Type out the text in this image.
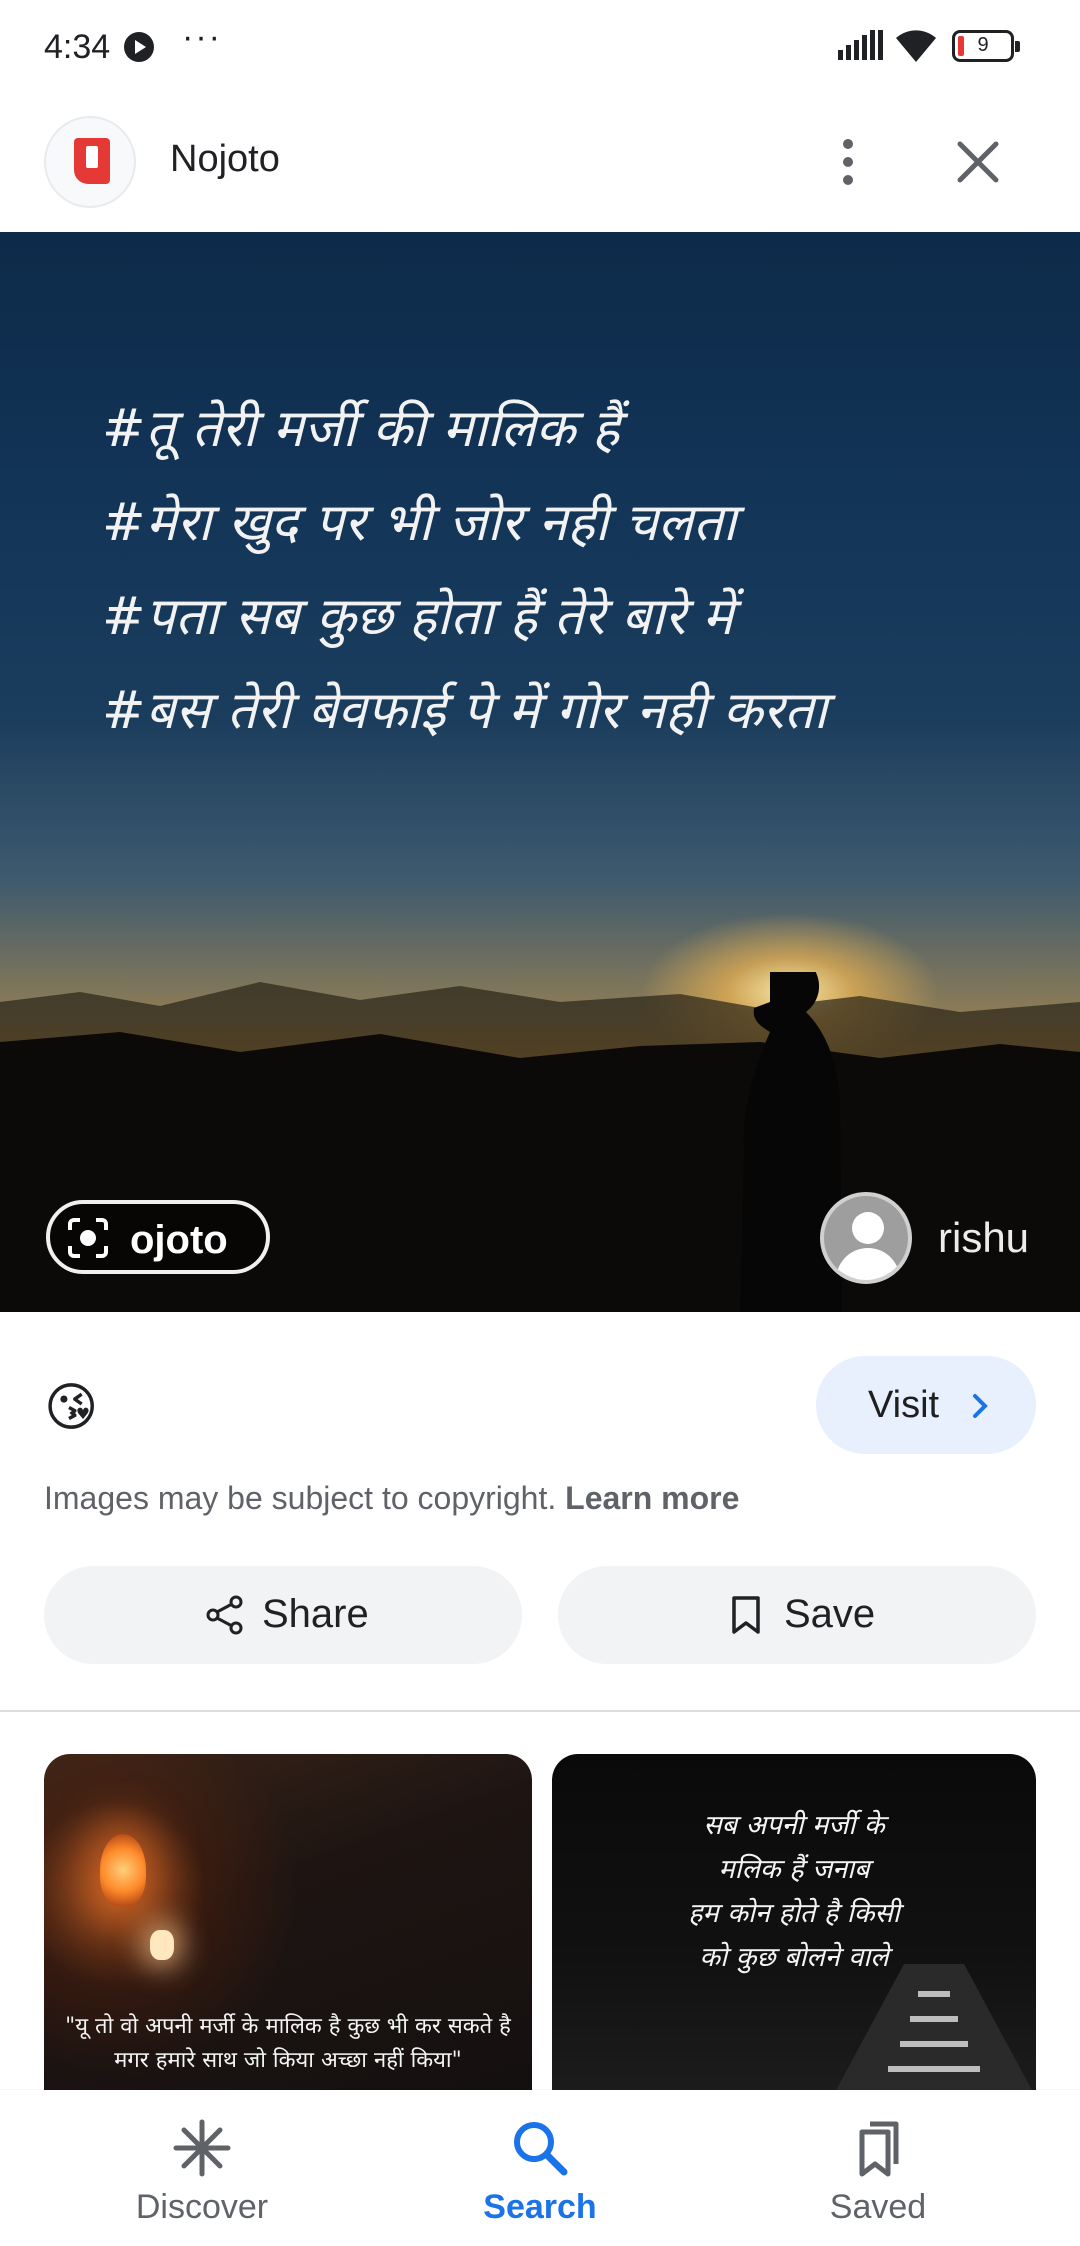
4:34 ···	9
Nojoto
#तू तेरी मर्जी की मालिक हैं
#मेरा खुद पर भी जोर नही चलता
#पता सब कुछ होता हैं तेरे बारे में
#बस तेरी बेवफाई पे में गोर नही करता
ojoto	rishu
😘	Visit
Images may be subject to copyright. Learn more
Share	Save
"यू तो वो अपनी मर्जी के मालिक है कुछ भी कर सकते है
मगर हमारे साथ जो किया अच्छा नहीं किया"
सब अपनी मर्जी के
मलिक हैं जनाब
हम कोन होते है किसी
को कुछ बोलने वाले
Discover	Search	Saved
